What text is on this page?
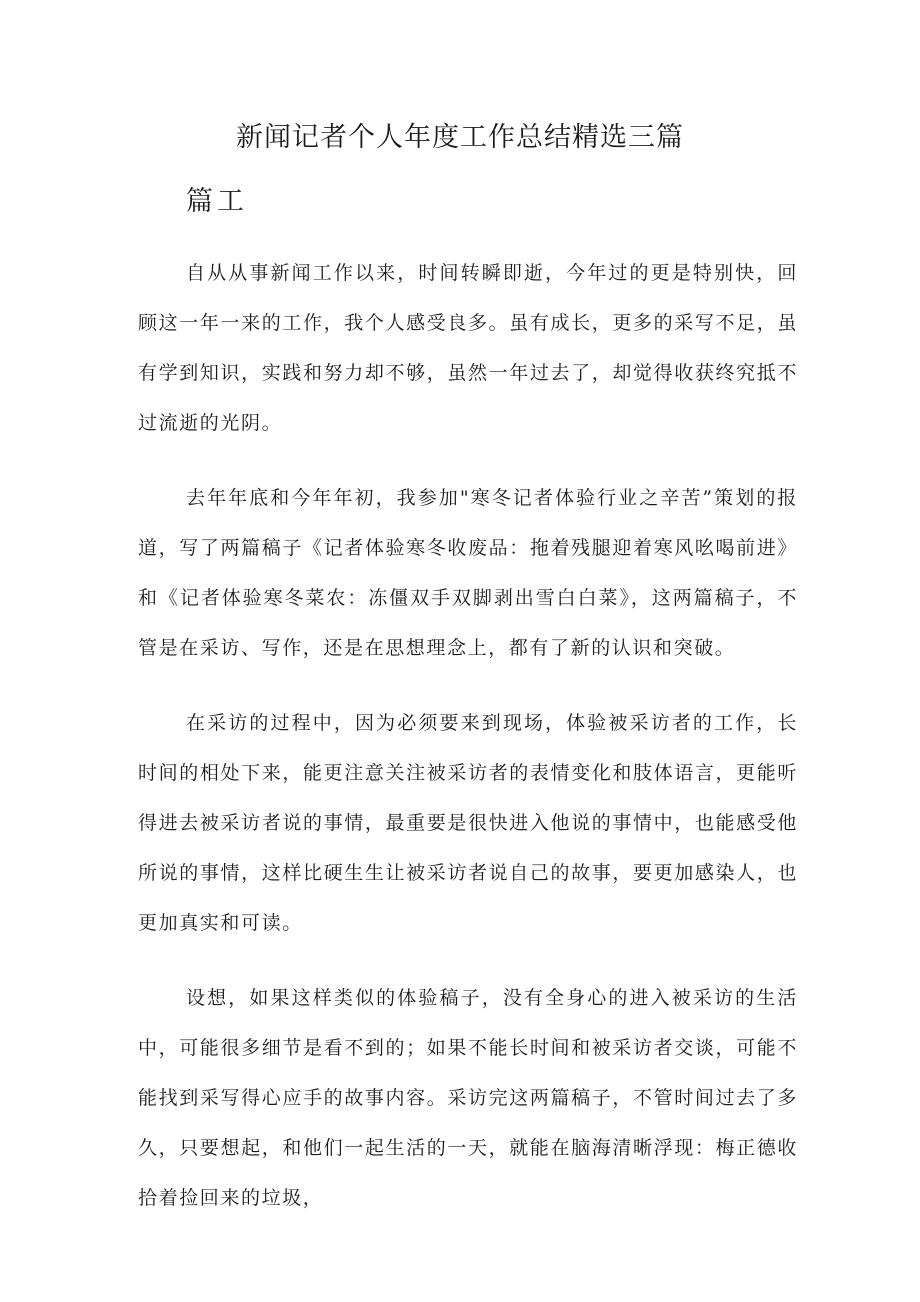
新闻记者个人年度工作总结精选三篇
篇工

自从从事新闻工作以来，时间转瞬即逝，今年过的更是特别快，回顾这一年一来的工作，我个人感受良多。虽有成长，更多的采写不足，虽有学到知识，实践和努力却不够，虽然一年过去了，却觉得收获终究抵不过流逝的光阴。

去年年底和今年年初，我参加"寒冬记者体验行业之辛苦”策划的报道，写了两篇稿子《记者体验寒冬收废品：拖着残腿迎着寒风吆喝前进》和《记者体验寒冬菜农：冻僵双手双脚剥出雪白白菜》，这两篇稿子，不管是在采访、写作，还是在思想理念上，都有了新的认识和突破。

在采访的过程中，因为必须要来到现场，体验被采访者的工作，长时间的相处下来，能更注意关注被采访者的表情变化和肢体语言，更能听得进去被采访者说的事情，最重要是很快进入他说的事情中，也能感受他所说的事情，这样比硬生生让被采访者说自己的故事，要更加感染人，也更加真实和可读。

设想，如果这样类似的体验稿子，没有全身心的进入被采访的生活中，可能很多细节是看不到的；如果不能长时间和被采访者交谈，可能不能找到采写得心应手的故事内容。采访完这两篇稿子，不管时间过去了多久，只要想起，和他们一起生活的一天，就能在脑海清晰浮现：梅正德收拾着捡回来的垃圾，
